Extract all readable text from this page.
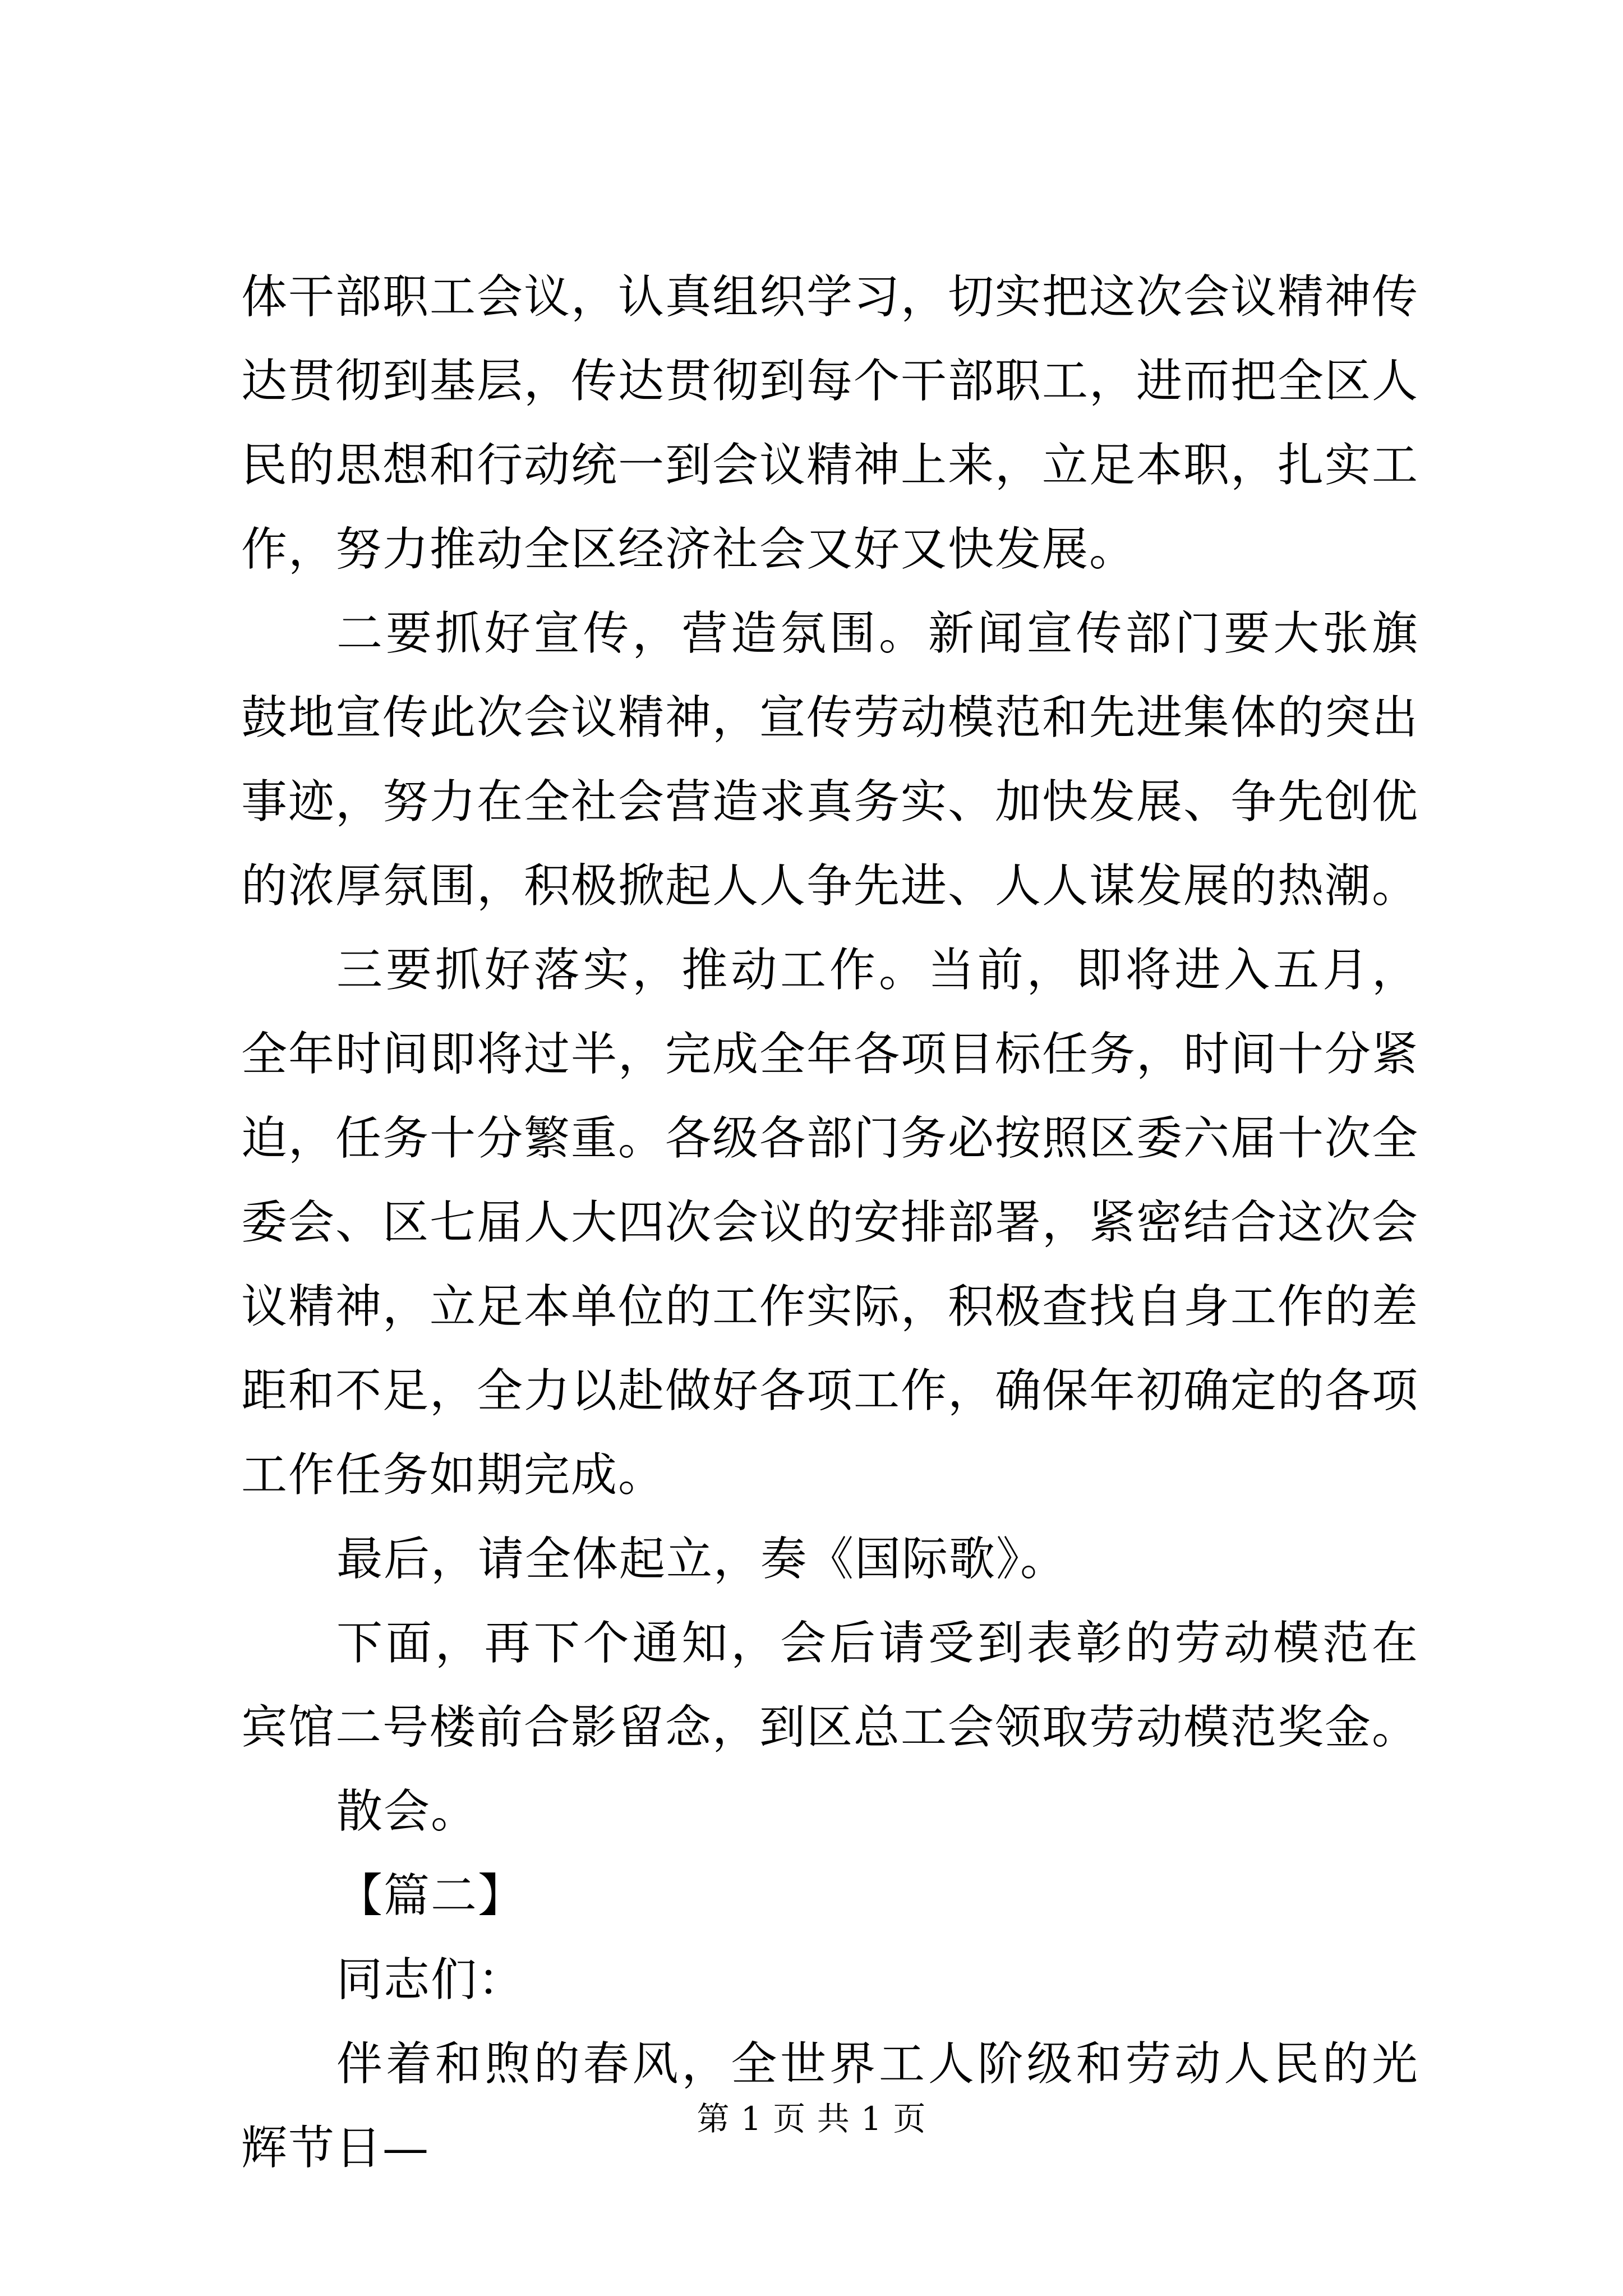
体干部职工会议，认真组织学习，切实把这次会议精神传达贯彻到基层，传达贯彻到每个干部职工，进而把全区人民的思想和行动统一到会议精神上来，立足本职，扎实工作，努力推动全区经济社会又好又快发展。

二要抓好宣传，营造氛围。新闻宣传部门要大张旗鼓地宣传此次会议精神，宣传劳动模范和先进集体的突出事迹，努力在全社会营造求真务实、加快发展、争先创优的浓厚氛围，积极掀起人人争先进、人人谋发展的热潮。

三要抓好落实，推动工作。当前，即将进入五月，全年时间即将过半，完成全年各项目标任务，时间十分紧迫，任务十分繁重。各级各部门务必按照区委六届十次全委会、区七届人大四次会议的安排部署，紧密结合这次会议精神，立足本单位的工作实际，积极查找自身工作的差距和不足，全力以赴做好各项工作，确保年初确定的各项工作任务如期完成。

最后，请全体起立，奏《国际歌》。

下面，再下个通知，会后请受到表彰的劳动模范在宾馆二号楼前合影留念，到区总工会领取劳动模范奖金。

散会。

【篇二】

同志们：

伴着和煦的春风，全世界工人阶级和劳动人民的光辉节日—

第 1 页 共 1 页
